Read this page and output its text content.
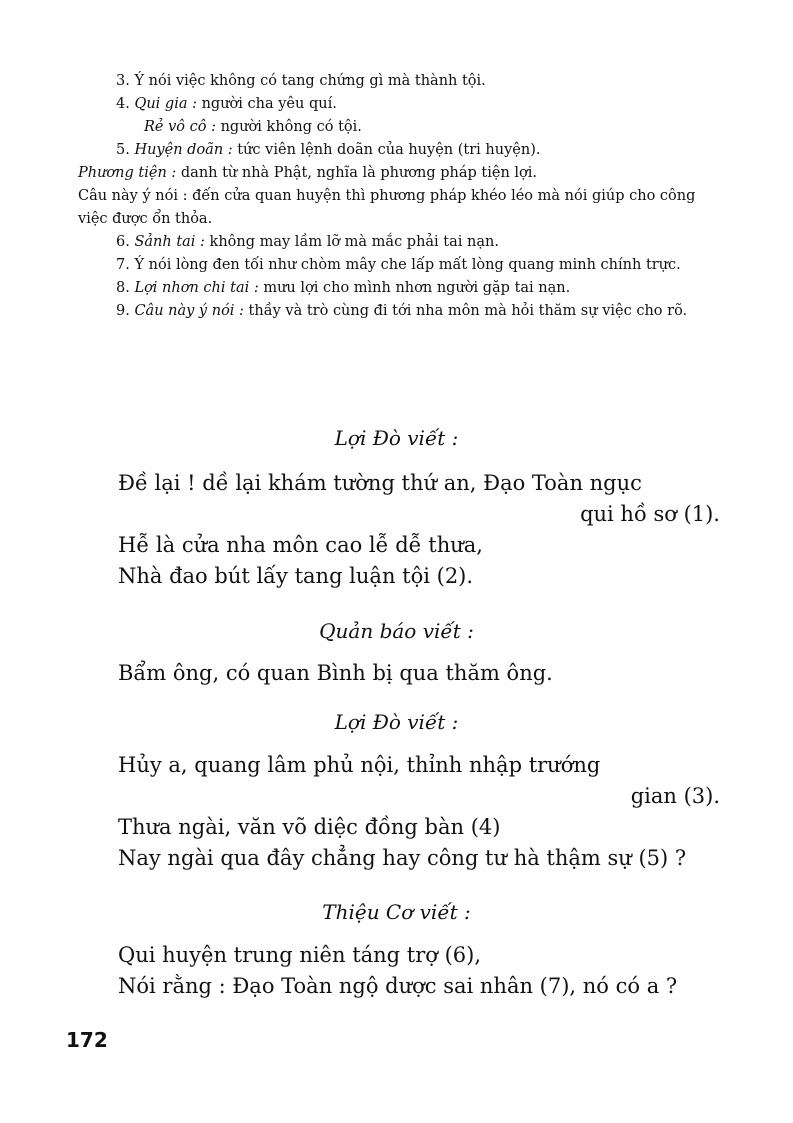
3. Ý nói việc không có tang chứng gì mà thành tội.

4. Qui gia : người cha yêu quí.

Rẻ vô cô : người không có tội.

5. Huyện doãn : tức viên lệnh doãn của huyện (tri huyện).

Phương tiện : danh từ nhà Phật, nghĩa là phương pháp tiện lợi.

Câu này ý nói : đến cửa quan huyện thì phương pháp khéo léo mà nói giúp cho công việc được ổn thỏa.

6. Sảnh tai : không may lầm lỡ mà mắc phải tai nạn.

7. Ý nói lòng đen tối như chòm mây che lấp mất lòng quang minh chính trực.

8. Lợi nhơn chi tai : mưu lợi cho mình nhơn người gặp tai nạn.

9. Câu này ý nói : thầy và trò cùng đi tới nha môn mà hỏi thăm sự việc cho rõ.

Lợi Đò viết :

Đề lại ! dề lại khám tường thứ an, Đạo Toàn ngục

qui hồ sơ (1).

Hễ là cửa nha môn cao lễ dễ thưa,

Nhà đao bút lấy tang luận tội (2).

Quản báo viết :

Bẩm ông, có quan Bình bị qua thăm ông.

Lợi Đò viết :

Hủy a, quang lâm phủ nội, thỉnh nhập trướng

gian (3).

Thưa ngài, văn võ diệc đồng bàn (4)

Nay ngài qua đây chẳng hay công tư hà thậm sự (5) ?

Thiệu Cơ viết :

Qui huyện trung niên táng trợ (6),

Nói rằng : Đạo Toàn ngộ dược sai nhân (7), nó có a ?

172
